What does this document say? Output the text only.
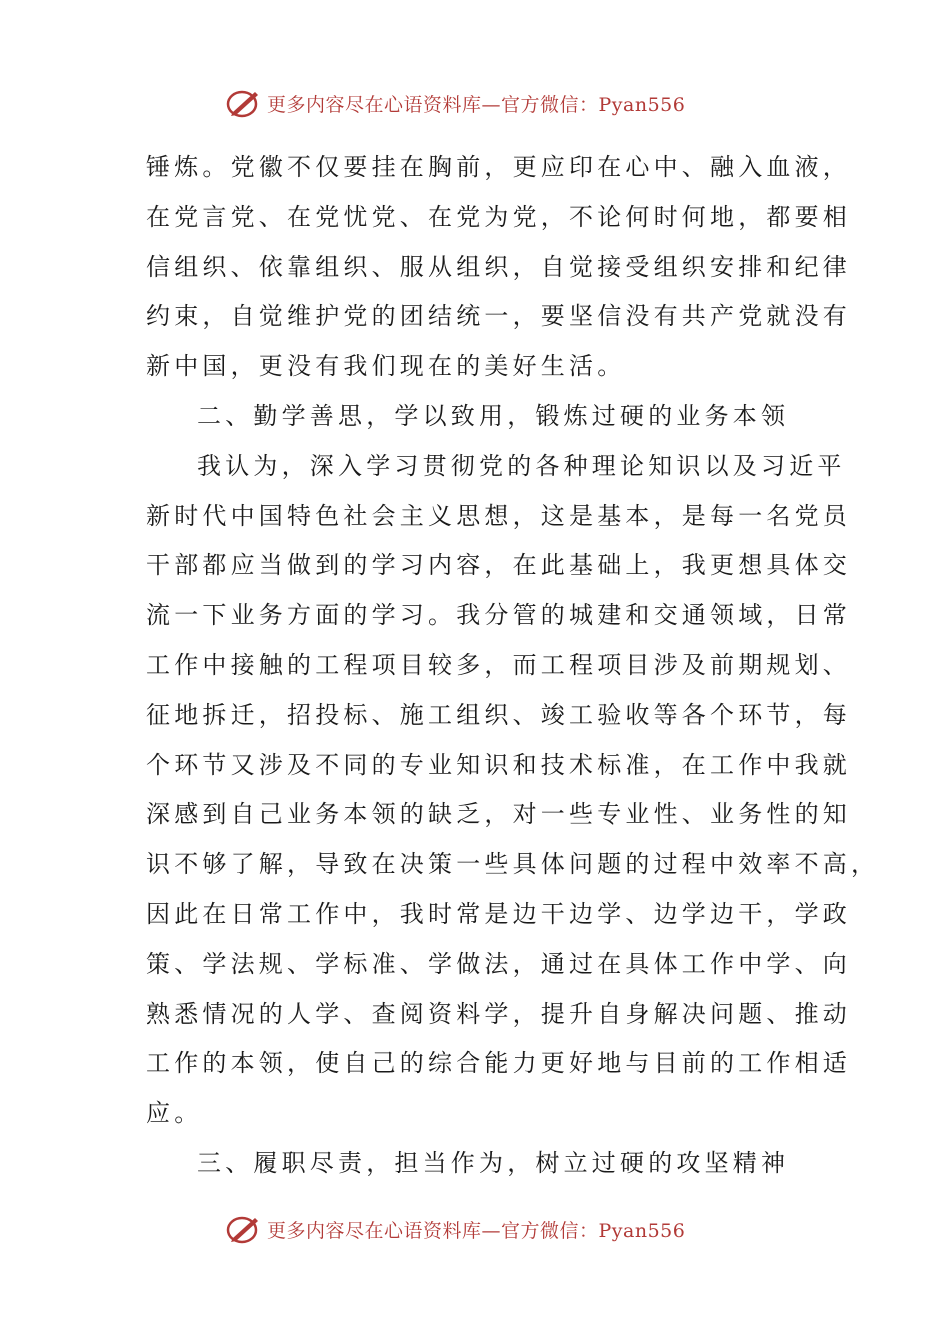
更多内容尽在心语资料库—官方微信：Pyan556
锤炼。党徽不仅要挂在胸前，更应印在心中、融入血液，
在党言党、在党忧党、在党为党，不论何时何地，都要相
信组织、依靠组织、服从组织，自觉接受组织安排和纪律
约束，自觉维护党的团结统一，要坚信没有共产党就没有
新中国，更没有我们现在的美好生活。
二、勤学善思，学以致用，锻炼过硬的业务本领
我认为，深入学习贯彻党的各种理论知识以及习近平
新时代中国特色社会主义思想，这是基本，是每一名党员
干部都应当做到的学习内容，在此基础上，我更想具体交
流一下业务方面的学习。我分管的城建和交通领域，日常
工作中接触的工程项目较多，而工程项目涉及前期规划、
征地拆迁，招投标、施工组织、竣工验收等各个环节，每
个环节又涉及不同的专业知识和技术标准，在工作中我就
深感到自己业务本领的缺乏，对一些专业性、业务性的知
识不够了解，导致在决策一些具体问题的过程中效率不高，
因此在日常工作中，我时常是边干边学、边学边干，学政
策、学法规、学标准、学做法，通过在具体工作中学、向
熟悉情况的人学、查阅资料学，提升自身解决问题、推动
工作的本领，使自己的综合能力更好地与目前的工作相适
应。
三、履职尽责，担当作为，树立过硬的攻坚精神
更多内容尽在心语资料库—官方微信：Pyan556
